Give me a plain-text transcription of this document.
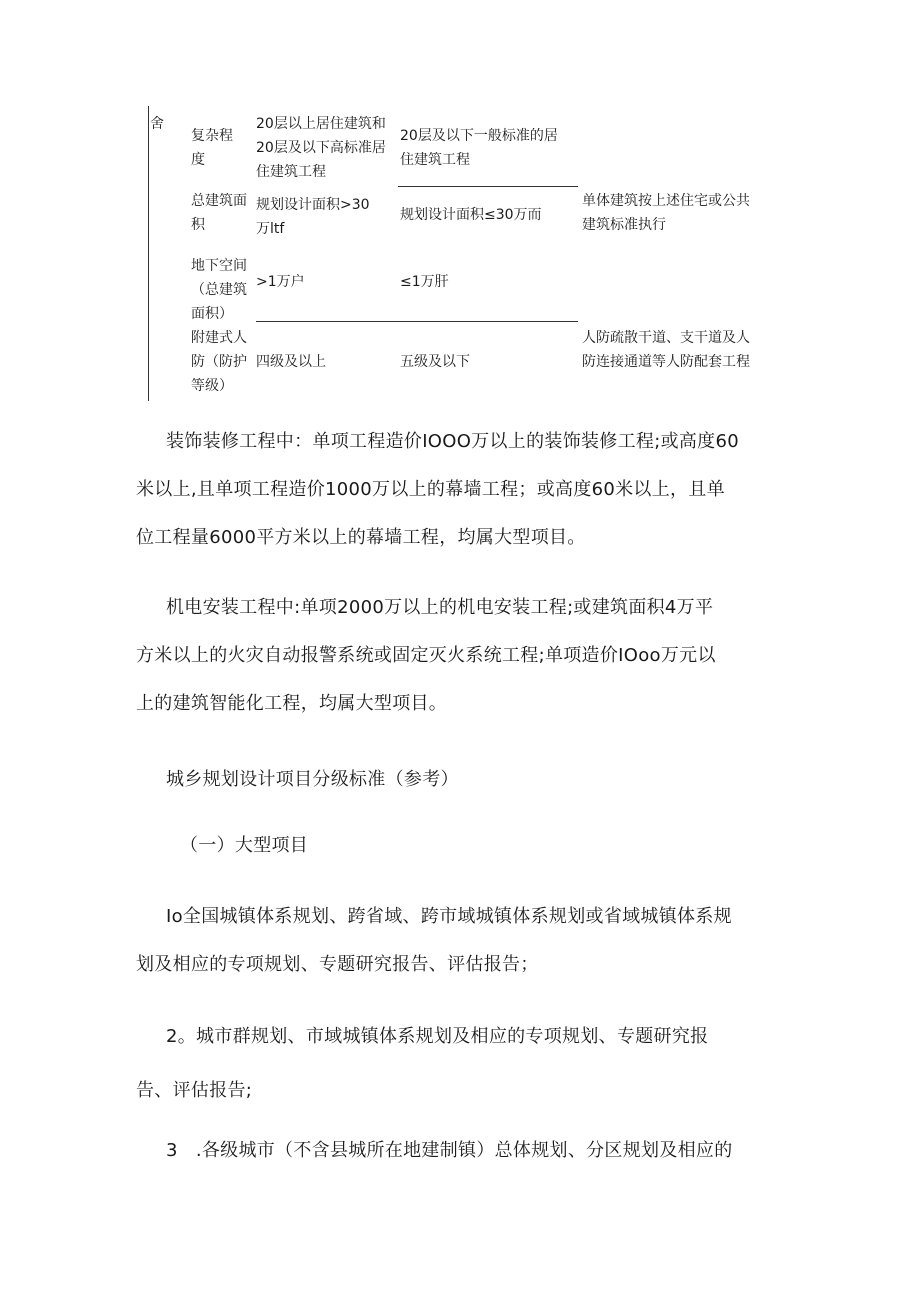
舍
复杂程
度
20层以上居住建筑和
20层及以下高标准居
住建筑工程
20层及以下一般标准的居
住建筑工程
总建筑面
积
规划设计面积>30
万ltf
规划设计面积≤30万而
单体建筑按上述住宅或公共
建筑标准执行
地下空间
（总建筑
面积）
>1万户	≤1万肝
附建式人
防（防护
等级）
四级及以上	五级及以下
人防疏散干道、支干道及人
防连接通道等人防配套工程
装饰装修工程中：单项工程造价IOOO万以上的装饰装修工程;或高度60
米以上,且单项工程造价1000万以上的幕墙工程；或高度60米以上，且单
位工程量6000平方米以上的幕墙工程，均属大型项目。
机电安装工程中:单项2000万以上的机电安装工程;或建筑面积4万平
方米以上的火灾自动报警系统或固定灭火系统工程;单项造价IOoo万元以
上的建筑智能化工程，均属大型项目。
城乡规划设计项目分级标准（参考）
（一）大型项目
Io全国城镇体系规划、跨省域、跨市域城镇体系规划或省域城镇体系规
划及相应的专项规划、专题研究报告、评估报告；
2。城市群规划、市域城镇体系规划及相应的专项规划、专题研究报
告、评估报告;
3   .各级城市（不含县城所在地建制镇）总体规划、分区规划及相应的
